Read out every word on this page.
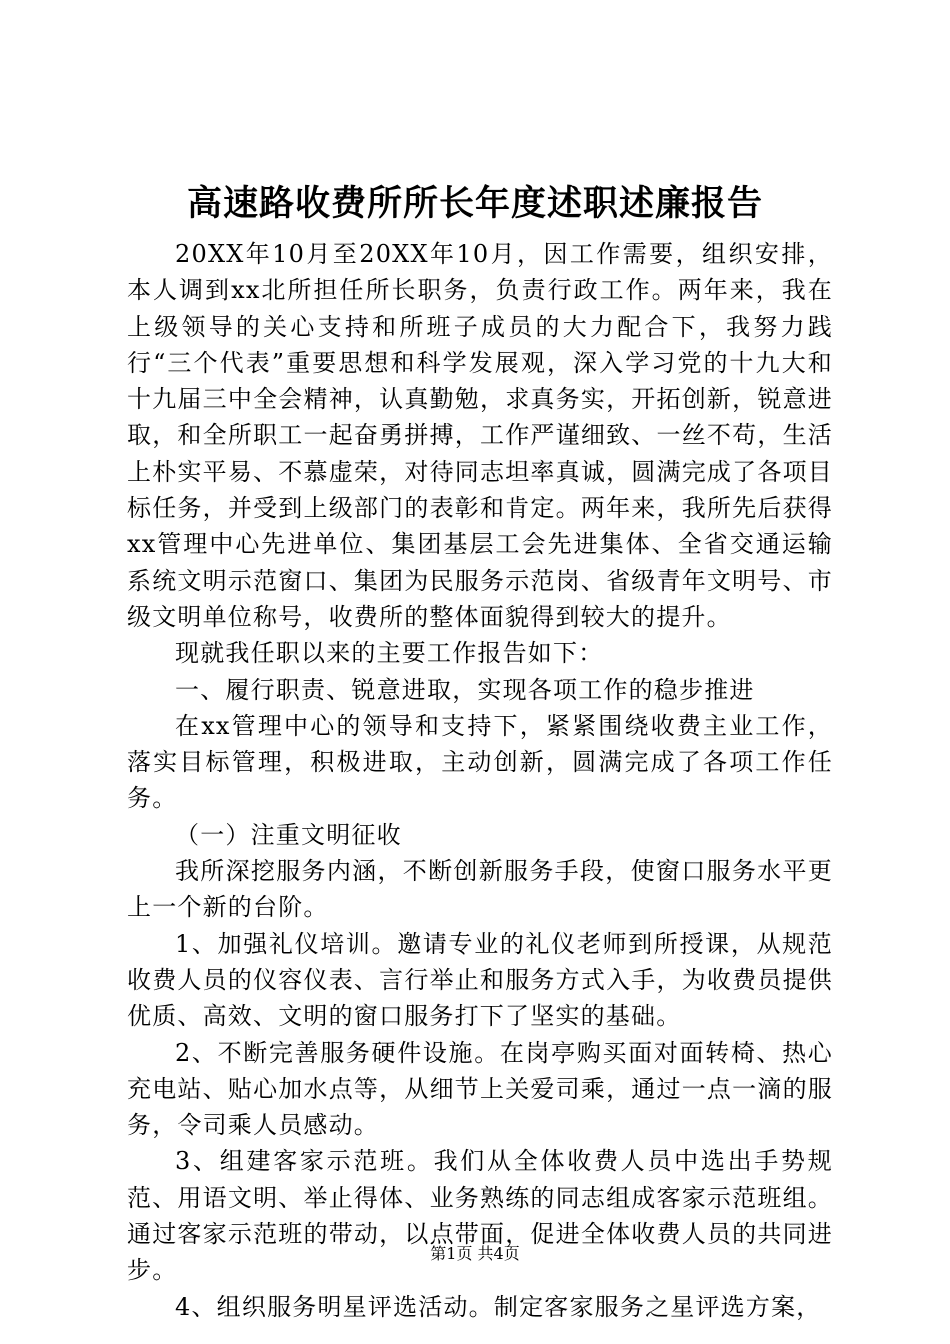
高速路收费所所长年度述职述廉报告

20XX年10月至20XX年10月，因工作需要，组织安排，本人调到xx北所担任所长职务，负责行政工作。两年来，我在上级领导的关心支持和所班子成员的大力配合下，我努力践行“三个代表”重要思想和科学发展观，深入学习党的十九大和十九届三中全会精神，认真勤勉，求真务实，开拓创新，锐意进取，和全所职工一起奋勇拼搏，工作严谨细致、一丝不苟，生活上朴实平易、不慕虚荣，对待同志坦率真诚，圆满完成了各项目标任务，并受到上级部门的表彰和肯定。两年来，我所先后获得xx管理中心先进单位、集团基层工会先进集体、全省交通运输系统文明示范窗口、集团为民服务示范岗、省级青年文明号、市级文明单位称号，收费所的整体面貌得到较大的提升。

现就我任职以来的主要工作报告如下：

一、履行职责、锐意进取，实现各项工作的稳步推进

在xx管理中心的领导和支持下，紧紧围绕收费主业工作，落实目标管理，积极进取，主动创新，圆满完成了各项工作任务。

（一）注重文明征收

我所深挖服务内涵，不断创新服务手段，使窗口服务水平更上一个新的台阶。

1、加强礼仪培训。邀请专业的礼仪老师到所授课，从规范收费人员的仪容仪表、言行举止和服务方式入手，为收费员提供优质、高效、文明的窗口服务打下了坚实的基础。

2、不断完善服务硬件设施。在岗亭购买面对面转椅、热心充电站、贴心加水点等，从细节上关爱司乘，通过一点一滴的服务，令司乘人员感动。

3、组建客家示范班。我们从全体收费人员中选出手势规范、用语文明、举止得体、业务熟练的同志组成客家示范班组。通过客家示范班的带动，以点带面，促进全体收费人员的共同进步。

4、组织服务明星评选活动。制定客家服务之星评选方案，

第1页 共4页
